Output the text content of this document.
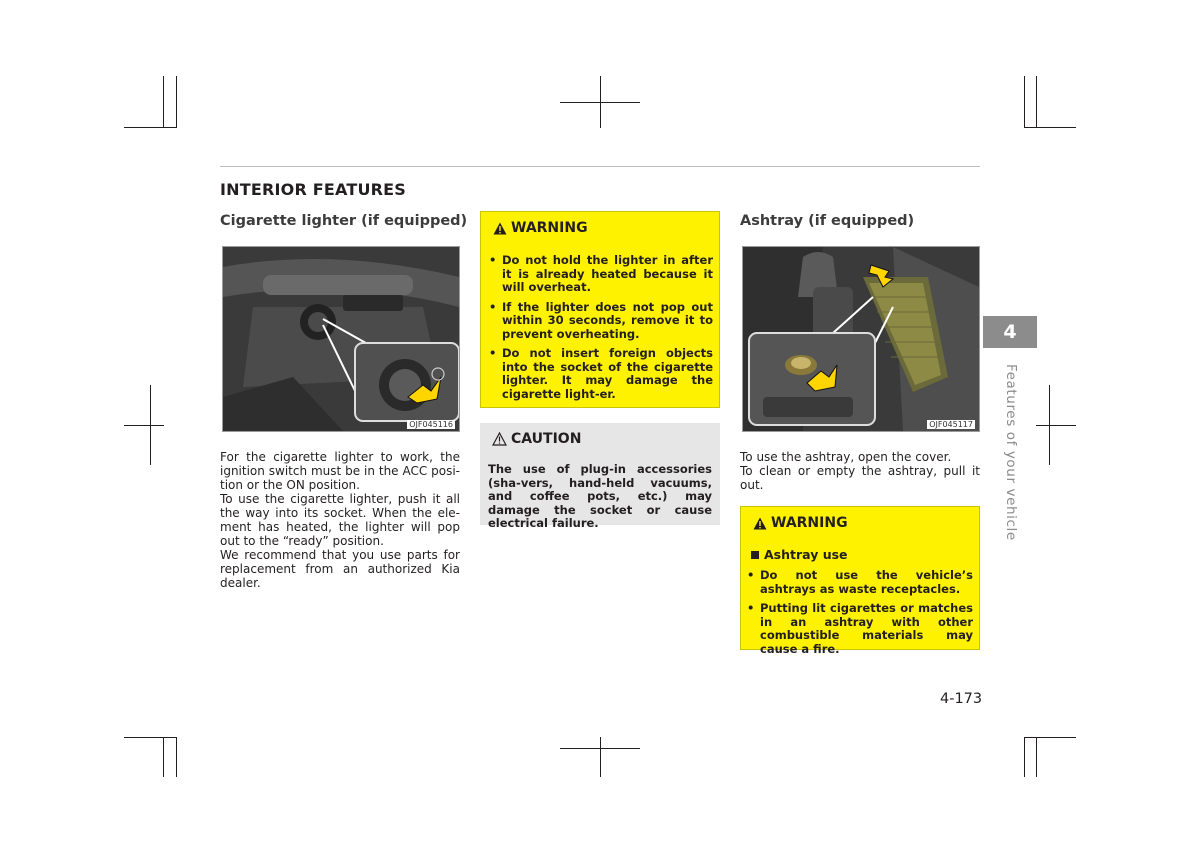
INTERIOR FEATURES
Cigarette lighter (if equipped)
OJF045116

For the cigarette lighter to work, the ignition switch must be in the ACC posi-tion or the ON position.

To use the cigarette lighter, push it all the way into its socket. When the ele-ment has heated, the lighter will pop out to the “ready” position.

We recommend that you use parts for replacement from an authorized Kia dealer.

WARNING
• Do not hold the lighter in after it is already heated because it will overheat.
• If the lighter does not pop out within 30 seconds, remove it to prevent overheating.
• Do not insert foreign objects into the socket of the cigarette lighter. It may damage the cigarette light-er.
CAUTION
The use of plug-in accessories (sha-vers, hand-held vacuums, and coffee pots, etc.) may damage the socket or cause electrical failure.
Ashtray (if equipped)
OJF045117

To use the ashtray, open the cover.

To clean or empty the ashtray, pull it out.

WARNING
Ashtray use
• Do not use the vehicle’s ashtrays as waste receptacles.
• Putting lit cigarettes or matches in an ashtray with other combustible materials may cause a fire.
4
Features of your vehicle
4-173
